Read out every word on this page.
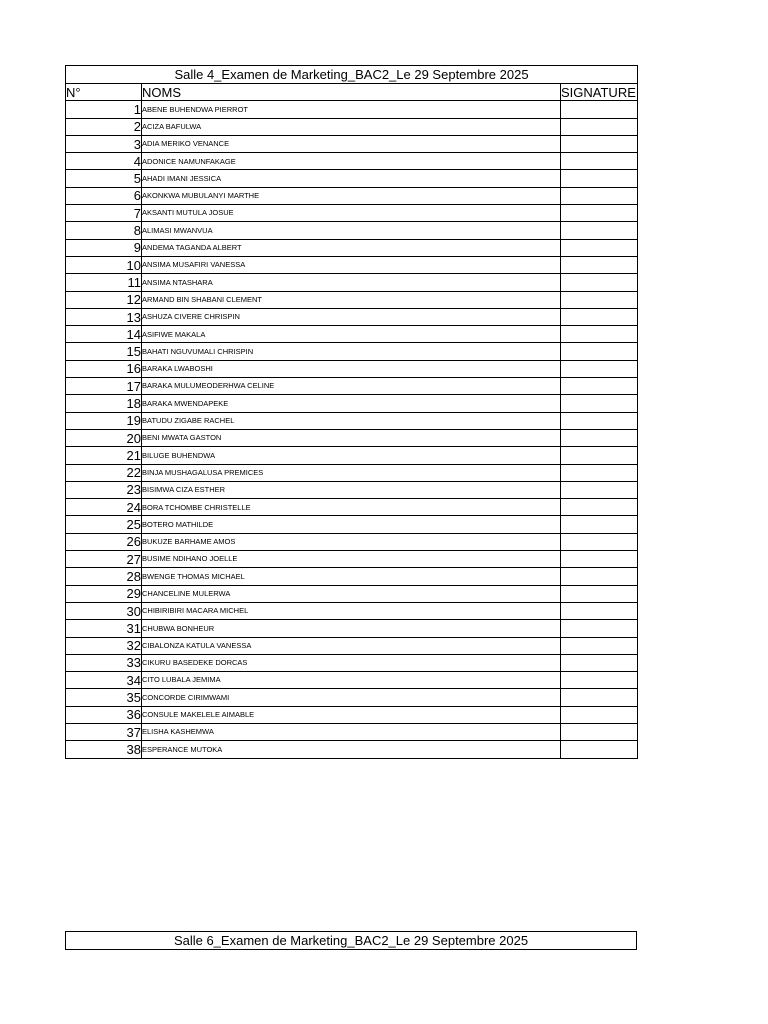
Salle 4_Examen de Marketing_BAC2_Le 29 Septembre 2025		
N°	NOMS	SIGNATURE
1	ABENE BUHENDWA PIERROT	
2	ACIZA BAFULWA	
3	ADIA MERIKO VENANCE	
4	ADONICE NAMUNFAKAGE	
5	AHADI IMANI JESSICA	
6	AKONKWA MUBULANYI MARTHE	
7	AKSANTI MUTULA JOSUE	
8	ALIMASI MWANVUA	
9	ANDEMA TAGANDA ALBERT	
10	ANSIMA MUSAFIRI VANESSA	
11	ANSIMA NTASHARA	
12	ARMAND BIN SHABANI CLEMENT	
13	ASHUZA CIVERE CHRISPIN	
14	ASIFIWE MAKALA	
15	BAHATI NGUVUMALI CHRISPIN	
16	BARAKA LWABOSHI	
17	BARAKA MULUMEODERHWA CELINE	
18	BARAKA MWENDAPEKE	
19	BATUDU ZIGABE RACHEL	
20	BENI MWATA GASTON	
21	BILUGE BUHENDWA	
22	BINJA MUSHAGALUSA PREMICES	
23	BISIMWA CIZA ESTHER	
24	BORA TCHOMBE CHRISTELLE	
25	BOTERO MATHILDE	
26	BUKUZE BARHAME AMOS	
27	BUSIME NDIHANO JOELLE	
28	BWENGE THOMAS MICHAEL	
29	CHANCELINE MULERWA	
30	CHIBIRIBIRI MACARA MICHEL	
31	CHUBWA BONHEUR	
32	CIBALONZA KATULA VANESSA	
33	CIKURU BASEDEKE DORCAS	
34	CITO LUBALA JEMIMA	
35	CONCORDE CIRIMWAMI	
36	CONSULE MAKELELE AIMABLE	
37	ELISHA KASHEMWA	
38	ESPERANCE MUTOKA	
Salle 6_Examen de Marketing_BAC2_Le 29 Septembre 2025
